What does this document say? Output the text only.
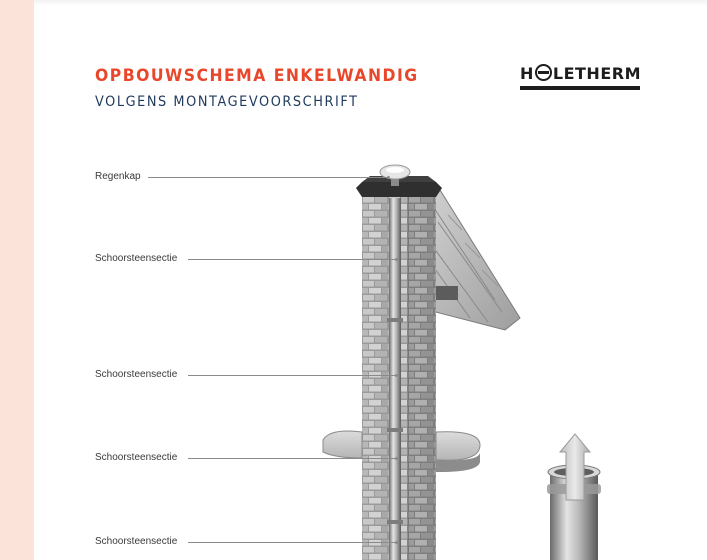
OPBOUWSCHEMA ENKELWANDIG
VOLGENS MONTAGEVOORSCHRIFT
H LETHERM
Regenkap
Schoorsteensectie
Schoorsteensectie
Schoorsteensectie
Schoorsteensectie
